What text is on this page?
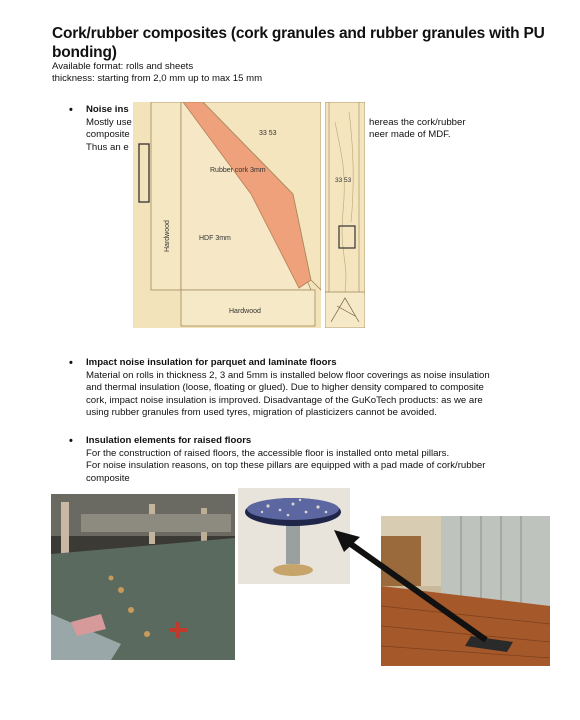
Cork/rubber composites (cork granules and rubber granules with PU bonding)
Available format: rolls and sheets
thickness: starting from 2,0 mm up to max 15 mm
• Noise ins
Mostly use	hereas the cork/rubber
composite	neer made of MDF.
Thus an e
33 53
Rubber cork 3mm
HDF 3mm
Hardwood
Hardwood
33 53
• Impact noise insulation for parquet and laminate floors
Material on rolls in thickness 2, 3 and 5mm is installed below floor coverings as noise insulation and thermal insulation (loose, floating or glued). Due to higher density compared to composite cork, impact noise insulation is improved. Disadvantage of the GuKoTech products: as we are using rubber granules from used tyres, migration of plasticizers cannot be avoided.
• Insulation elements for raised floors
For the construction of raised floors, the accessible floor is installed onto metal pillars.
For noise insulation reasons, on top these pillars are equipped with a pad made of cork/rubber composite
